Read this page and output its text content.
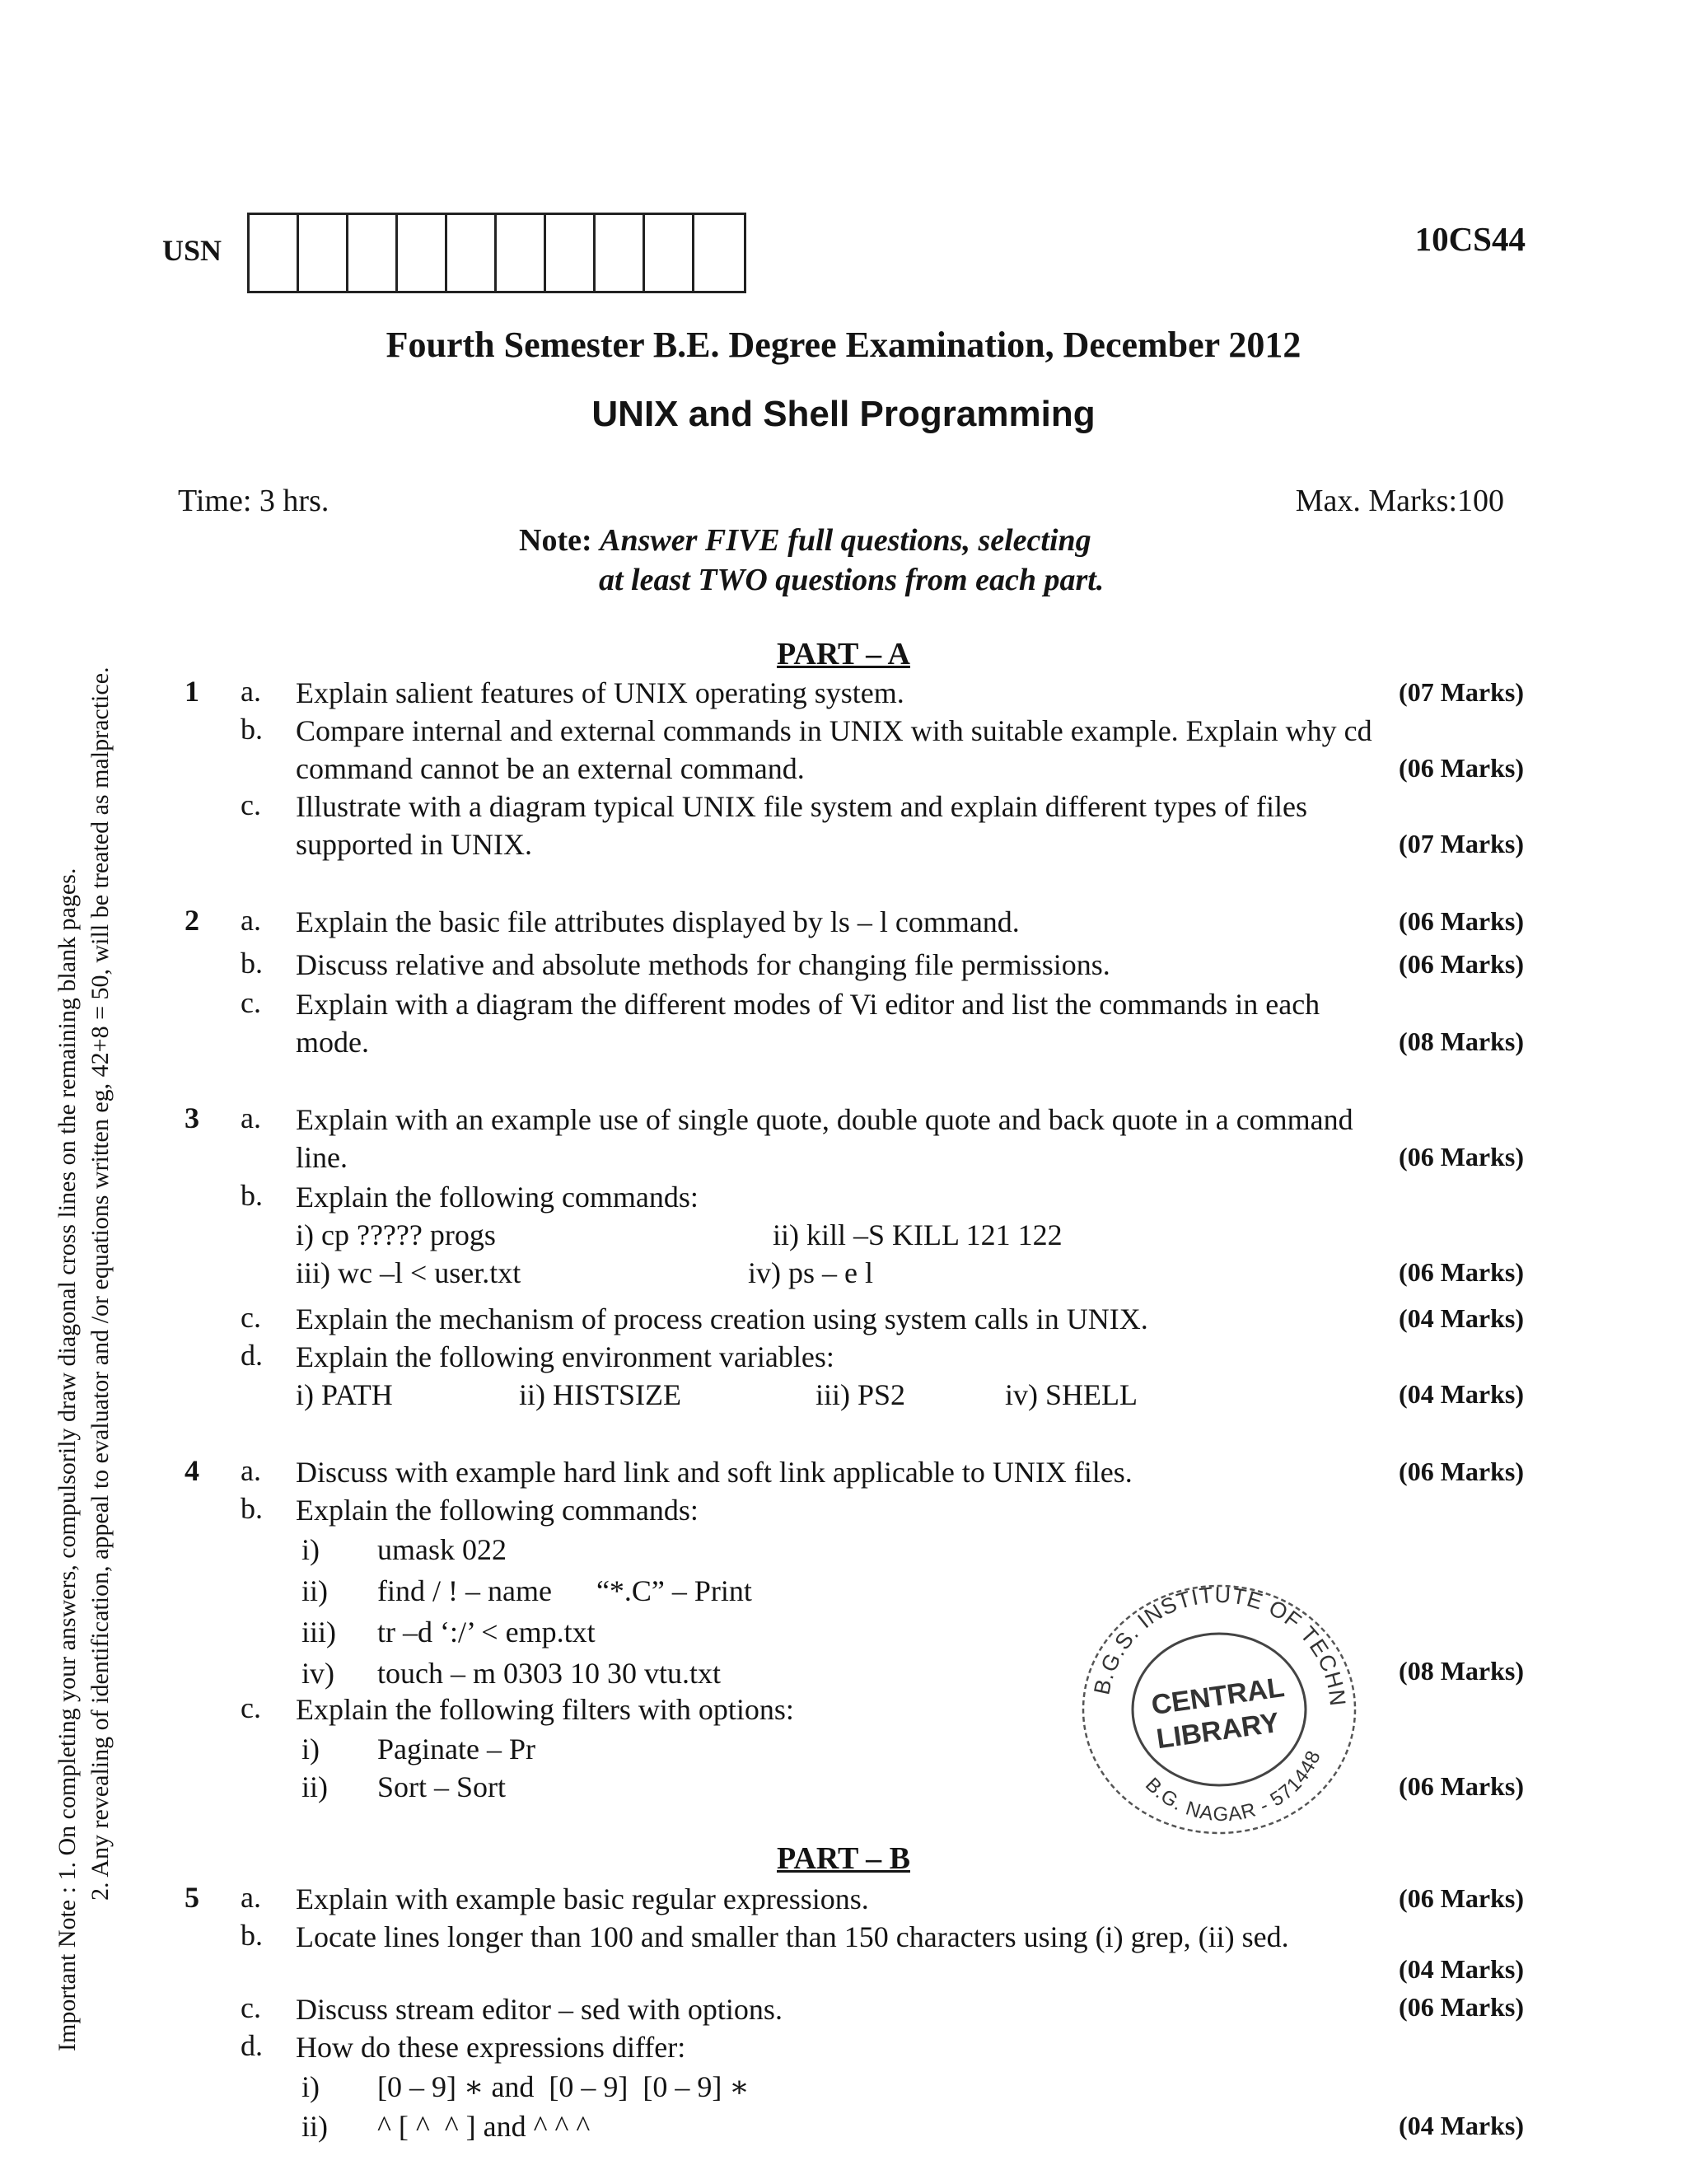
Important Note : 1. On completing your answers, compulsorily draw diagonal cross lines on the remaining blank pages. 2. Any revealing of identification, appeal to evaluator and /or equations written eg, 42+8 = 50, will be treated as malpractice.
USN	10CS44
Fourth Semester B.E. Degree Examination, December 2012
UNIX and Shell Programming
Time: 3 hrs.	Max. Marks:100
Note: Answer FIVE full questions, selecting
at least TWO questions from each part.
PART – A
1 a. Explain salient features of UNIX operating system.	(07 Marks)
b. Compare internal and external commands in UNIX with suitable example. Explain why cd
command cannot be an external command.	(06 Marks)
c. Illustrate with a diagram typical UNIX file system and explain different types of files
supported in UNIX.	(07 Marks)
2 a. Explain the basic file attributes displayed by ls – l command.	(06 Marks)
b. Discuss relative and absolute methods for changing file permissions.	(06 Marks)
c. Explain with a diagram the different modes of Vi editor and list the commands in each
mode.	(08 Marks)
3 a. Explain with an example use of single quote, double quote and back quote in a command
line.	(06 Marks)
b. Explain the following commands:
i) cp ????? progs	ii) kill –S KILL 121 122
iii) wc –l < user.txt	iv) ps – e l	(06 Marks)
c. Explain the mechanism of process creation using system calls in UNIX.	(04 Marks)
d. Explain the following environment variables:
i) PATH	ii) HISTSIZE	iii) PS2	iv) SHELL	(04 Marks)
4 a. Discuss with example hard link and soft link applicable to UNIX files.	(06 Marks)
b. Explain the following commands:
i)	umask 022
ii)	find / ! – name      “*.C” – Print
iii)	tr –d ‘:/’ < emp.txt
iv)	touch – m 0303 10 30 vtu.txt	(08 Marks)
c. Explain the following filters with options:
i)	Paginate – Pr
ii)	Sort – Sort	(06 Marks)
B.G.S. INSTITUTE OF TECHN
B.G. NAGAR - 571448
CENTRAL
LIBRARY
PART – B
5 a. Explain with example basic regular expressions.	(06 Marks)
b. Locate lines longer than 100 and smaller than 150 characters using (i) grep, (ii) sed.
(04 Marks)
c. Discuss stream editor – sed with options.	(06 Marks)
d. How do these expressions differ:
i)	[0 – 9] ∗ and  [0 – 9]  [0 – 9] ∗
ii)	^ [ ^  ^ ] and ^ ^ ^	(04 Marks)
